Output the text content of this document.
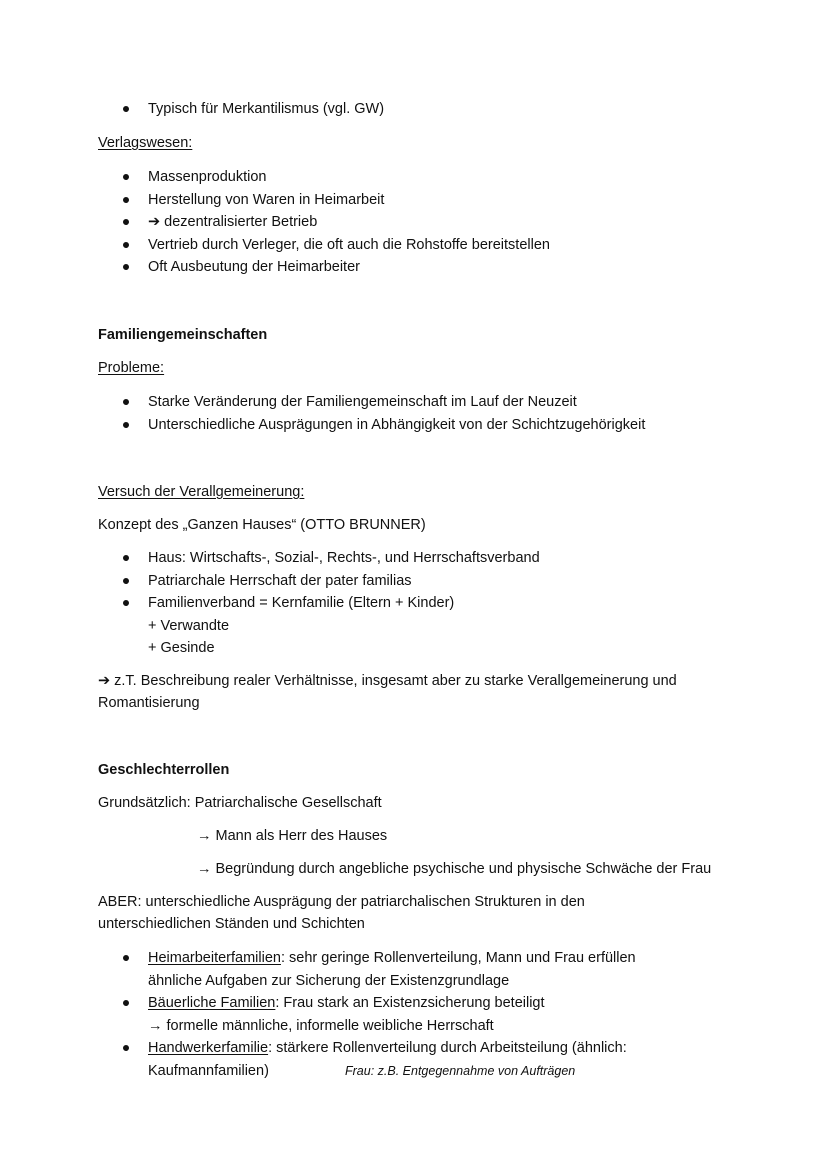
Typisch für Merkantilismus (vgl. GW)
Verlagswesen:
Massenproduktion
Herstellung von Waren in Heimarbeit
➔ dezentralisierter Betrieb
Vertrieb durch Verleger, die oft auch die Rohstoffe bereitstellen
Oft Ausbeutung der Heimarbeiter
Familiengemeinschaften
Probleme:
Starke Veränderung der Familiengemeinschaft im Lauf der Neuzeit
Unterschiedliche Ausprägungen in Abhängigkeit von der Schichtzugehörigkeit
Versuch der Verallgemeinerung:
Konzept des „Ganzen Hauses“ (OTTO BRUNNER)
Haus: Wirtschafts-, Sozial-, Rechts-, und Herrschaftsverband
Patriarchale Herrschaft der pater familias
Familienverband = Kernfamilie (Eltern + Kinder)
+ Verwandte
+ Gesinde
➔ z.T. Beschreibung realer Verhältnisse, insgesamt aber zu starke Verallgemeinerung und
Romantisierung
Geschlechterrollen
Grundsätzlich: Patriarchalische Gesellschaft
→ Mann als Herr des Hauses
→ Begründung durch angebliche psychische und physische Schwäche der Frau
ABER: unterschiedliche Ausprägung der patriarchalischen Strukturen in den
unterschiedlichen Ständen und Schichten
Heimarbeiterfamilien: sehr geringe Rollenverteilung, Mann und Frau erfüllen
ähnliche Aufgaben zur Sicherung der Existenzgrundlage
Bäuerliche Familien: Frau stark an Existenzsicherung beteiligt
→ formelle männliche, informelle weibliche Herrschaft
Handwerkerfamilie: stärkere Rollenverteilung durch Arbeitsteilung (ähnlich:
Kaufmannfamilien)	Frau: z.B. Entgegennahme von Aufträgen
